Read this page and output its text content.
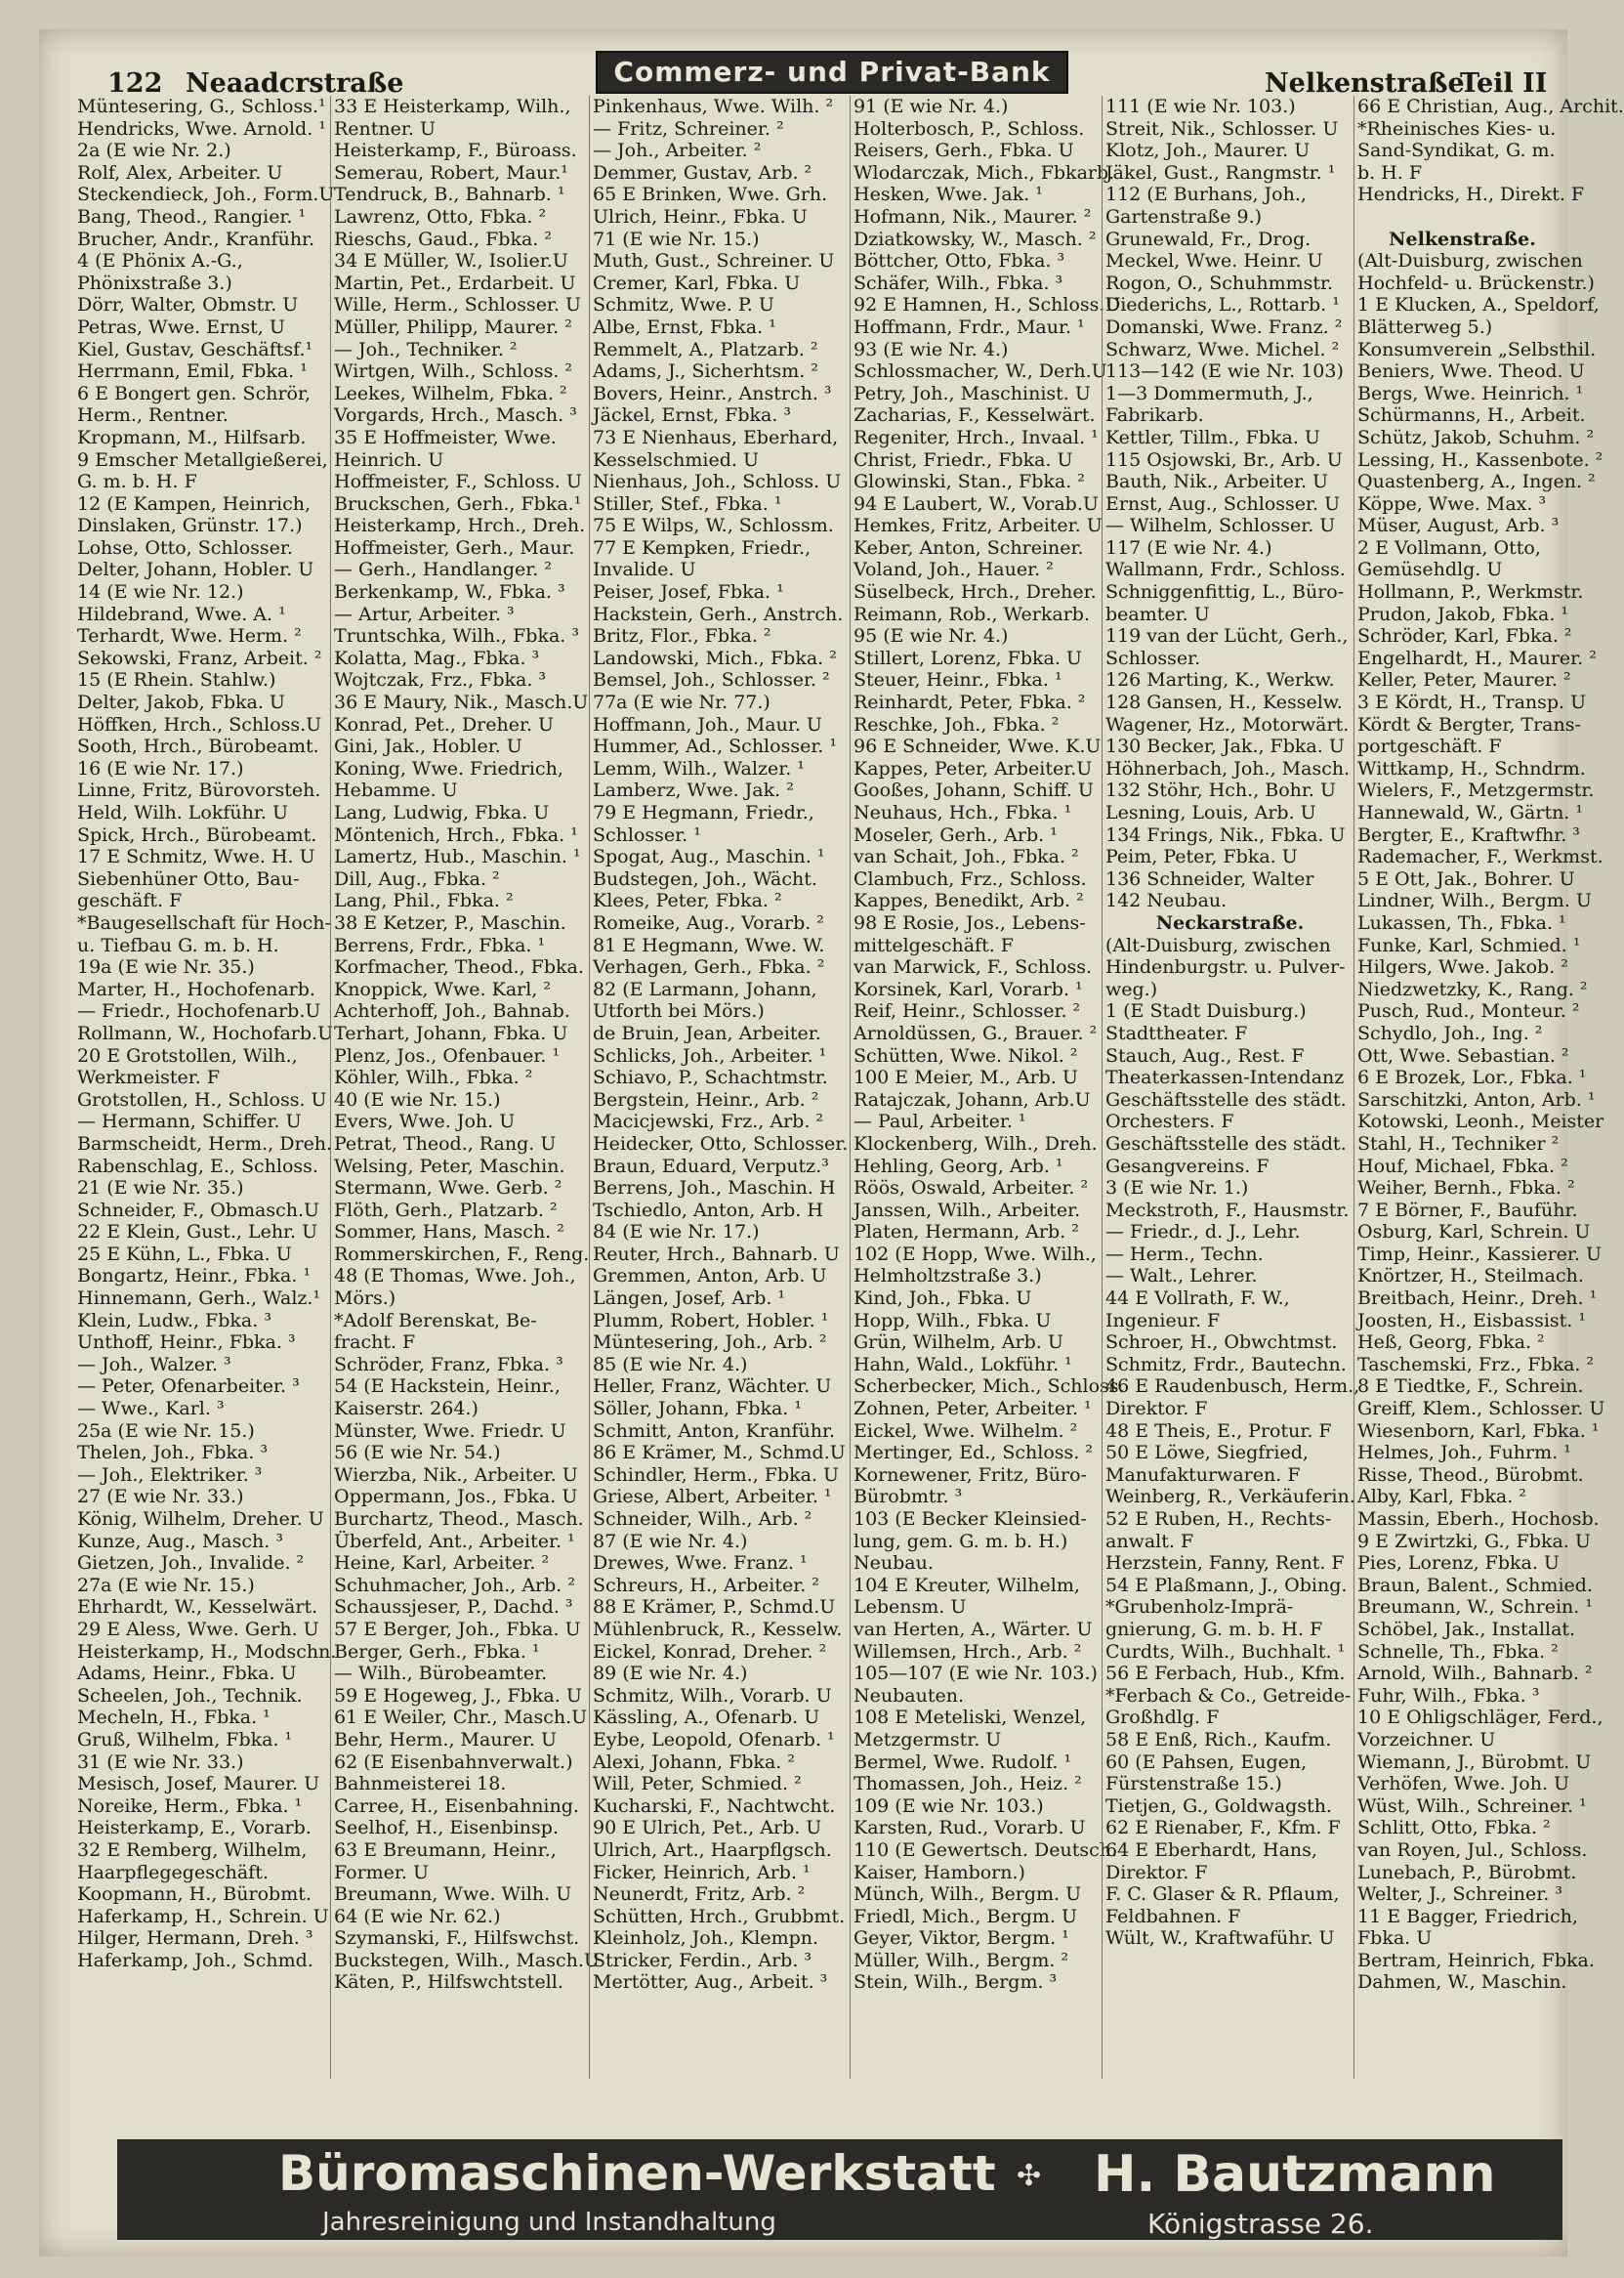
122 Neaadcrstraße	Commerz- und Privat-Bank	Nelkenstraße
Teil II
Müntesering, G., Schloss.¹
Hendricks, Wwe. Arnold. ¹
2a (E wie Nr. 2.)
Rolf, Alex, Arbeiter. U
Steckendieck, Joh., Form.U
Bang, Theod., Rangier. ¹
Brucher, Andr., Kranführ.
4 (E Phönix A.-G.,
Phönixstraße 3.)
Dörr, Walter, Obmstr. U
Petras, Wwe. Ernst, U
Kiel, Gustav, Geschäftsf.¹
Herrmann, Emil, Fbka. ¹
6 E Bongert gen. Schrör,
Herm., Rentner.
Kropmann, M., Hilfsarb.
9 Emscher Metallgießerei,
G. m. b. H. F
12 (E Kampen, Heinrich,
Dinslaken, Grünstr. 17.)
Lohse, Otto, Schlosser.
Delter, Johann, Hobler. U
14 (E wie Nr. 12.)
Hildebrand, Wwe. A. ¹
Terhardt, Wwe. Herm. ²
Sekowski, Franz, Arbeit. ²
15 (E Rhein. Stahlw.)
Delter, Jakob, Fbka. U
Höffken, Hrch., Schloss.U
Sooth, Hrch., Bürobeamt.
16 (E wie Nr. 17.)
Linne, Fritz, Bürovorsteh.
Held, Wilh. Lokführ. U
Spick, Hrch., Bürobeamt.
17 E Schmitz, Wwe. H. U
Siebenhüner Otto, Bau-
geschäft. F
*Baugesellschaft für Hoch-
u. Tiefbau G. m. b. H.
19a (E wie Nr. 35.)
Marter, H., Hochofenarb.
— Friedr., Hochofenarb.U
Rollmann, W., Hochofarb.U
20 E Grotstollen, Wilh.,
Werkmeister. F
Grotstollen, H., Schloss. U
— Hermann, Schiffer. U
Barmscheidt, Herm., Dreh.
Rabenschlag, E., Schloss.
21 (E wie Nr. 35.)
Schneider, F., Obmasch.U
22 E Klein, Gust., Lehr. U
25 E Kühn, L., Fbka. U
Bongartz, Heinr., Fbka. ¹
Hinnemann, Gerh., Walz.¹
Klein, Ludw., Fbka. ³
Unthoff, Heinr., Fbka. ³
— Joh., Walzer. ³
— Peter, Ofenarbeiter. ³
— Wwe., Karl. ³
25a (E wie Nr. 15.)
Thelen, Joh., Fbka. ³
— Joh., Elektriker. ³
27 (E wie Nr. 33.)
König, Wilhelm, Dreher. U
Kunze, Aug., Masch. ³
Gietzen, Joh., Invalide. ²
27a (E wie Nr. 15.)
Ehrhardt, W., Kesselwärt.
29 E Aless, Wwe. Gerh. U
Heisterkamp, H., Modschn.
Adams, Heinr., Fbka. U
Scheelen, Joh., Technik.
Mecheln, H., Fbka. ¹
Gruß, Wilhelm, Fbka. ¹
31 (E wie Nr. 33.)
Mesisch, Josef, Maurer. U
Noreike, Herm., Fbka. ¹
Heisterkamp, E., Vorarb.
32 E Remberg, Wilhelm,
Haarpflegegeschäft.
Koopmann, H., Bürobmt.
Haferkamp, H., Schrein. U
Hilger, Hermann, Dreh. ³
Haferkamp, Joh., Schmd.
33 E Heisterkamp, Wilh.,
Rentner. U
Heisterkamp, F., Büroass.
Semerau, Robert, Maur.¹
Tendruck, B., Bahnarb. ¹
Lawrenz, Otto, Fbka. ²
Rieschs, Gaud., Fbka. ²
34 E Müller, W., Isolier.U
Martin, Pet., Erdarbeit. U
Wille, Herm., Schlosser. U
Müller, Philipp, Maurer. ²
— Joh., Techniker. ²
Wirtgen, Wilh., Schloss. ²
Leekes, Wilhelm, Fbka. ²
Vorgards, Hrch., Masch. ³
35 E Hoffmeister, Wwe.
Heinrich. U
Hoffmeister, F., Schloss. U
Bruckschen, Gerh., Fbka.¹
Heisterkamp, Hrch., Dreh.
Hoffmeister, Gerh., Maur.
— Gerh., Handlanger. ²
Berkenkamp, W., Fbka. ³
— Artur, Arbeiter. ³
Truntschka, Wilh., Fbka. ³
Kolatta, Mag., Fbka. ³
Wojtczak, Frz., Fbka. ³
36 E Maury, Nik., Masch.U
Konrad, Pet., Dreher. U
Gini, Jak., Hobler. U
Koning, Wwe. Friedrich,
Hebamme. U
Lang, Ludwig, Fbka. U
Möntenich, Hrch., Fbka. ¹
Lamertz, Hub., Maschin. ¹
Dill, Aug., Fbka. ²
Lang, Phil., Fbka. ²
38 E Ketzer, P., Maschin.
Berrens, Frdr., Fbka. ¹
Korfmacher, Theod., Fbka.
Knoppick, Wwe. Karl, ²
Achterhoff, Joh., Bahnab.
Terhart, Johann, Fbka. U
Plenz, Jos., Ofenbauer. ¹
Köhler, Wilh., Fbka. ²
40 (E wie Nr. 15.)
Evers, Wwe. Joh. U
Petrat, Theod., Rang. U
Welsing, Peter, Maschin.
Stermann, Wwe. Gerb. ²
Flöth, Gerh., Platzarb. ²
Sommer, Hans, Masch. ²
Rommerskirchen, F., Reng.
48 (E Thomas, Wwe. Joh.,
Mörs.)
*Adolf Berenskat, Be-
fracht. F
Schröder, Franz, Fbka. ³
54 (E Hackstein, Heinr.,
Kaiserstr. 264.)
Münster, Wwe. Friedr. U
56 (E wie Nr. 54.)
Wierzba, Nik., Arbeiter. U
Oppermann, Jos., Fbka. U
Burchartz, Theod., Masch.
Überfeld, Ant., Arbeiter. ¹
Heine, Karl, Arbeiter. ²
Schuhmacher, Joh., Arb. ²
Schaussjeser, P., Dachd. ³
57 E Berger, Joh., Fbka. U
Berger, Gerh., Fbka. ¹
— Wilh., Bürobeamter.
59 E Hogeweg, J., Fbka. U
61 E Weiler, Chr., Masch.U
Behr, Herm., Maurer. U
62 (E Eisenbahnverwalt.)
Bahnmeisterei 18.
Carree, H., Eisenbahning.
Seelhof, H., Eisenbinsp.
63 E Breumann, Heinr.,
Former. U
Breumann, Wwe. Wilh. U
64 (E wie Nr. 62.)
Szymanski, F., Hilfswchst.
Buckstegen, Wilh., Masch.U
Käten, P., Hilfswchtstell.
Pinkenhaus, Wwe. Wilh. ²
— Fritz, Schreiner. ²
— Joh., Arbeiter. ²
Demmer, Gustav, Arb. ²
65 E Brinken, Wwe. Grh.
Ulrich, Heinr., Fbka. U
71 (E wie Nr. 15.)
Muth, Gust., Schreiner. U
Cremer, Karl, Fbka. U
Schmitz, Wwe. P. U
Albe, Ernst, Fbka. ¹
Remmelt, A., Platzarb. ²
Adams, J., Sicherhtsm. ²
Bovers, Heinr., Anstrch. ³
Jäckel, Ernst, Fbka. ³
73 E Nienhaus, Eberhard,
Kesselschmied. U
Nienhaus, Joh., Schloss. U
Stiller, Stef., Fbka. ¹
75 E Wilps, W., Schlossm.
77 E Kempken, Friedr.,
Invalide. U
Peiser, Josef, Fbka. ¹
Hackstein, Gerh., Anstrch.
Britz, Flor., Fbka. ²
Landowski, Mich., Fbka. ²
Bemsel, Joh., Schlosser. ²
77a (E wie Nr. 77.)
Hoffmann, Joh., Maur. U
Hummer, Ad., Schlosser. ¹
Lemm, Wilh., Walzer. ¹
Lamberz, Wwe. Jak. ²
79 E Hegmann, Friedr.,
Schlosser. ¹
Spogat, Aug., Maschin. ¹
Budstegen, Joh., Wächt.
Klees, Peter, Fbka. ²
Romeike, Aug., Vorarb. ²
81 E Hegmann, Wwe. W.
Verhagen, Gerh., Fbka. ²
82 (E Larmann, Johann,
Utforth bei Mörs.)
de Bruin, Jean, Arbeiter.
Schlicks, Joh., Arbeiter. ¹
Schiavo, P., Schachtmstr.
Bergstein, Heinr., Arb. ²
Macicjewski, Frz., Arb. ²
Heidecker, Otto, Schlosser.
Braun, Eduard, Verputz.³
Berrens, Joh., Maschin. H
Tschiedlo, Anton, Arb. H
84 (E wie Nr. 17.)
Reuter, Hrch., Bahnarb. U
Gremmen, Anton, Arb. U
Längen, Josef, Arb. ¹
Plumm, Robert, Hobler. ¹
Müntesering, Joh., Arb. ²
85 (E wie Nr. 4.)
Heller, Franz, Wächter. U
Söller, Johann, Fbka. ¹
Schmitt, Anton, Kranführ.
86 E Krämer, M., Schmd.U
Schindler, Herm., Fbka. U
Griese, Albert, Arbeiter. ¹
Schneider, Wilh., Arb. ²
87 (E wie Nr. 4.)
Drewes, Wwe. Franz. ¹
Schreurs, H., Arbeiter. ²
88 E Krämer, P., Schmd.U
Mühlenbruck, R., Kesselw.
Eickel, Konrad, Dreher. ²
89 (E wie Nr. 4.)
Schmitz, Wilh., Vorarb. U
Kässling, A., Ofenarb. U
Eybe, Leopold, Ofenarb. ¹
Alexi, Johann, Fbka. ²
Will, Peter, Schmied. ²
Kucharski, F., Nachtwcht.
90 E Ulrich, Pet., Arb. U
Ulrich, Art., Haarpflgsch.
Ficker, Heinrich, Arb. ¹
Neunerdt, Fritz, Arb. ²
Schütten, Hrch., Grubbmt.
Kleinholz, Joh., Klempn.
Stricker, Ferdin., Arb. ³
Mertötter, Aug., Arbeit. ³
91 (E wie Nr. 4.)
Holterbosch, P., Schloss.
Reisers, Gerh., Fbka. U
Wlodarczak, Mich., Fbkarb.
Hesken, Wwe. Jak. ¹
Hofmann, Nik., Maurer. ²
Dziatkowsky, W., Masch. ²
Böttcher, Otto, Fbka. ³
Schäfer, Wilh., Fbka. ³
92 E Hamnen, H., Schloss.U
Hoffmann, Frdr., Maur. ¹
93 (E wie Nr. 4.)
Schlossmacher, W., Derh.U
Petry, Joh., Maschinist. U
Zacharias, F., Kesselwärt.
Regeniter, Hrch., Invaal. ¹
Christ, Friedr., Fbka. U
Glowinski, Stan., Fbka. ²
94 E Laubert, W., Vorab.U
Hemkes, Fritz, Arbeiter. U
Keber, Anton, Schreiner.
Voland, Joh., Hauer. ²
Süselbeck, Hrch., Dreher.
Reimann, Rob., Werkarb.
95 (E wie Nr. 4.)
Stillert, Lorenz, Fbka. U
Steuer, Heinr., Fbka. ¹
Reinhardt, Peter, Fbka. ²
Reschke, Joh., Fbka. ²
96 E Schneider, Wwe. K.U
Kappes, Peter, Arbeiter.U
Gooßes, Johann, Schiff. U
Neuhaus, Hch., Fbka. ¹
Moseler, Gerh., Arb. ¹
van Schait, Joh., Fbka. ²
Clambuch, Frz., Schloss.
Kappes, Benedikt, Arb. ²
98 E Rosie, Jos., Lebens-
mittelgeschäft. F
van Marwick, F., Schloss.
Korsinek, Karl, Vorarb. ¹
Reif, Heinr., Schlosser. ²
Arnoldüssen, G., Brauer. ²
Schütten, Wwe. Nikol. ²
100 E Meier, M., Arb. U
Ratajczak, Johann, Arb.U
— Paul, Arbeiter. ¹
Klockenberg, Wilh., Dreh.
Hehling, Georg, Arb. ¹
Röös, Oswald, Arbeiter. ²
Janssen, Wilh., Arbeiter.
Platen, Hermann, Arb. ²
102 (E Hopp, Wwe. Wilh.,
Helmholtzstraße 3.)
Kind, Joh., Fbka. U
Hopp, Wilh., Fbka. U
Grün, Wilhelm, Arb. U
Hahn, Wald., Lokführ. ¹
Scherbecker, Mich., Schloss.
Zohnen, Peter, Arbeiter. ¹
Eickel, Wwe. Wilhelm. ²
Mertinger, Ed., Schloss. ²
Kornewener, Fritz, Büro-
Bürobmtr. ³
103 (E Becker Kleinsied-
lung, gem. G. m. b. H.)
Neubau.
104 E Kreuter, Wilhelm,
Lebensm. U
van Herten, A., Wärter. U
Willemsen, Hrch., Arb. ²
105—107 (E wie Nr. 103.)
Neubauten.
108 E Meteliski, Wenzel,
Metzgermstr. U
Bermel, Wwe. Rudolf. ¹
Thomassen, Joh., Heiz. ²
109 (E wie Nr. 103.)
Karsten, Rud., Vorarb. U
110 (E Gewertsch. Deutsch.
Kaiser, Hamborn.)
Münch, Wilh., Bergm. U
Friedl, Mich., Bergm. U
Geyer, Viktor, Bergm. ¹
Müller, Wilh., Bergm. ²
Stein, Wilh., Bergm. ³
111 (E wie Nr. 103.)
Streit, Nik., Schlosser. U
Klotz, Joh., Maurer. U
Jäkel, Gust., Rangmstr. ¹
112 (E Burhans, Joh.,
Gartenstraße 9.)
Grunewald, Fr., Drog.
Meckel, Wwe. Heinr. U
Rogon, O., Schuhmmstr.
Diederichs, L., Rottarb. ¹
Domanski, Wwe. Franz. ²
Schwarz, Wwe. Michel. ²
113—142 (E wie Nr. 103)
1—3 Dommermuth, J.,
Fabrikarb.
Kettler, Tillm., Fbka. U
115 Osjowski, Br., Arb. U
Bauth, Nik., Arbeiter. U
Ernst, Aug., Schlosser. U
— Wilhelm, Schlosser. U
117 (E wie Nr. 4.)
Wallmann, Frdr., Schloss.
Schniggenfittig, L., Büro-
beamter. U
119 van der Lücht, Gerh.,
Schlosser.
126 Marting, K., Werkw.
128 Gansen, H., Kesselw.
Wagener, Hz., Motorwärt.
130 Becker, Jak., Fbka. U
Höhnerbach, Joh., Masch.
132 Stöhr, Hch., Bohr. U
Lesning, Louis, Arb. U
134 Frings, Nik., Fbka. U
Peim, Peter, Fbka. U
136 Schneider, Walter
142 Neubau.
Neckarstraße.
(Alt-Duisburg, zwischen
Hindenburgstr. u. Pulver-
weg.)
1 (E Stadt Duisburg.)
Stadttheater. F
Stauch, Aug., Rest. F
Theaterkassen-Intendanz
Geschäftsstelle des städt.
Orchesters. F
Geschäftsstelle des städt.
Gesangvereins. F
3 (E wie Nr. 1.)
Meckstroth, F., Hausmstr.
— Friedr., d. J., Lehr.
— Herm., Techn.
— Walt., Lehrer.
44 E Vollrath, F. W.,
Ingenieur. F
Schroer, H., Obwchtmst.
Schmitz, Frdr., Bautechn.
46 E Raudenbusch, Herm.,
Direktor. F
48 E Theis, E., Protur. F
50 E Löwe, Siegfried,
Manufakturwaren. F
Weinberg, R., Verkäuferin.
52 E Ruben, H., Rechts-
anwalt. F
Herzstein, Fanny, Rent. F
54 E Plaßmann, J., Obing.
*Grubenholz-Imprä-
gnierung, G. m. b. H. F
Curdts, Wilh., Buchhalt. ¹
56 E Ferbach, Hub., Kfm.
*Ferbach & Co., Getreide-
Großhdlg. F
58 E Enß, Rich., Kaufm.
60 (E Pahsen, Eugen,
Fürstenstraße 15.)
Tietjen, G., Goldwagsth.
62 E Rienaber, F., Kfm. F
64 E Eberhardt, Hans,
Direktor. F
F. C. Glaser & R. Pflaum,
Feldbahnen. F
Wült, W., Kraftwaführ. U
66 E Christian, Aug., Archit.
*Rheinisches Kies- u.
Sand-Syndikat, G. m.
b. H. F
Hendricks, H., Direkt. F

Nelkenstraße.
(Alt-Duisburg, zwischen
Hochfeld- u. Brückenstr.)
1 E Klucken, A., Speldorf,
Blätterweg 5.)
Konsumverein „Selbsthil.
Beniers, Wwe. Theod. U
Bergs, Wwe. Heinrich. ¹
Schürmanns, H., Arbeit.
Schütz, Jakob, Schuhm. ²
Lessing, H., Kassenbote. ²
Quastenberg, A., Ingen. ²
Köppe, Wwe. Max. ³
Müser, August, Arb. ³
2 E Vollmann, Otto,
Gemüsehdlg. U
Hollmann, P., Werkmstr.
Prudon, Jakob, Fbka. ¹
Schröder, Karl, Fbka. ²
Engelhardt, H., Maurer. ²
Keller, Peter, Maurer. ²
3 E Kördt, H., Transp. U
Kördt & Bergter, Trans-
portgeschäft. F
Wittkamp, H., Schndrm.
Wielers, F., Metzgermstr.
Hannewald, W., Gärtn. ¹
Bergter, E., Kraftwfhr. ³
Rademacher, F., Werkmst.
5 E Ott, Jak., Bohrer. U
Lindner, Wilh., Bergm. U
Lukassen, Th., Fbka. ¹
Funke, Karl, Schmied. ¹
Hilgers, Wwe. Jakob. ²
Niedzwetzky, K., Rang. ²
Pusch, Rud., Monteur. ²
Schydlo, Joh., Ing. ²
Ott, Wwe. Sebastian. ²
6 E Brozek, Lor., Fbka. ¹
Sarschitzki, Anton, Arb. ¹
Kotowski, Leonh., Meister
Stahl, H., Techniker ²
Houf, Michael, Fbka. ²
Weiher, Bernh., Fbka. ²
7 E Börner, F., Bauführ.
Osburg, Karl, Schrein. U
Timp, Heinr., Kassierer. U
Knörtzer, H., Steilmach.
Breitbach, Heinr., Dreh. ¹
Joosten, H., Eisbassist. ¹
Heß, Georg, Fbka. ²
Taschemski, Frz., Fbka. ²
8 E Tiedtke, F., Schrein.
Greiff, Klem., Schlosser. U
Wiesenborn, Karl, Fbka. ¹
Helmes, Joh., Fuhrm. ¹
Risse, Theod., Bürobmt.
Alby, Karl, Fbka. ²
Massin, Eberh., Hochosb.
9 E Zwirtzki, G., Fbka. U
Pies, Lorenz, Fbka. U
Braun, Balent., Schmied.
Breumann, W., Schrein. ¹
Schöbel, Jak., Installat.
Schnelle, Th., Fbka. ²
Arnold, Wilh., Bahnarb. ²
Fuhr, Wilh., Fbka. ³
10 E Ohligschläger, Ferd.,
Vorzeichner. U
Wiemann, J., Bürobmt. U
Verhöfen, Wwe. Joh. U
Wüst, Wilh., Schreiner. ¹
Schlitt, Otto, Fbka. ²
van Royen, Jul., Schloss.
Lunebach, P., Bürobmt.
Welter, J., Schreiner. ³
11 E Bagger, Friedrich,
Fbka. U
Bertram, Heinrich, Fbka.
Dahmen, W., Maschin.
Büromaschinen-Werkstatt ✣ H. Bautzmann
Jahresreinigung und Instandhaltung	Königstrasse 26.
